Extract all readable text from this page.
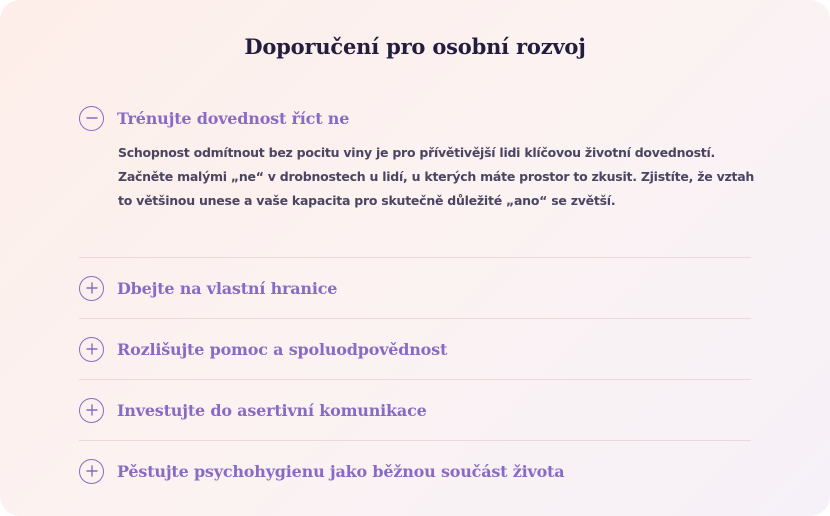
Doporučení pro osobní rozvoj
Trénujte dovednost říct ne

Schopnost odmítnout bez pocitu viny je pro přívětivější lidi klíčovou životní dovedností. Začněte malými „ne“ v drobnostech u lidí, u kterých máte prostor to zkusit. Zjistíte, že vztah to většinou unese a vaše kapacita pro skutečně důležité „ano“ se zvětší.

Dbejte na vlastní hranice
Rozlišujte pomoc a spoluodpovědnost
Investujte do asertivní komunikace
Pěstujte psychohygienu jako běžnou součást života
